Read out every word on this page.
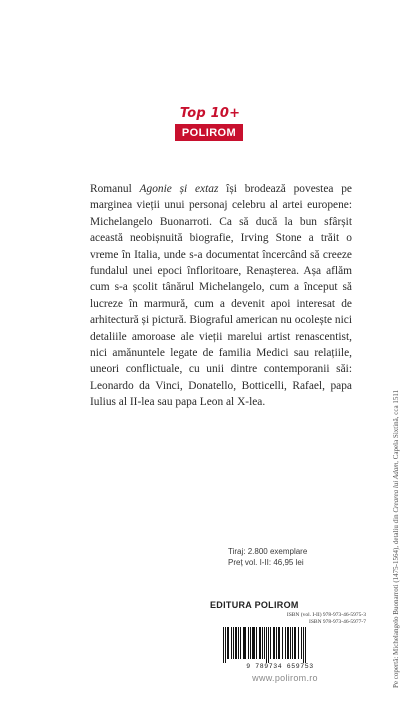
Top 10+
POLIROM

Romanul Agonie și extaz își brodează povestea pe marginea vieții unui personaj celebru al artei europene: Michelangelo Buonarroti. Ca să ducă la bun sfârșit această neobișnuită biografie, Irving Stone a trăit o vreme în Italia, unde s-a documentat încercând să creeze fundalul unei epoci înfloritoare, Renașterea. Așa aflăm cum s-a școlit tânărul Michelangelo, cum a început să lucreze în marmură, cum a devenit apoi interesat de arhitectură și pictură. Biograful american nu ocolește nici detaliile amoroase ale vieții marelui artist renascentist, nici amănuntele legate de familia Medici sau relațiile, uneori conflictuale, cu unii dintre contemporanii săi: Leonardo da Vinci, Donatello, Botticelli, Rafael, papa Iulius al II-lea sau papa Leon al X-lea.

Tiraj: 2.800 exemplare
Preț vol. I-II: 46,95 lei
EDITURA POLIROM
ISBN (vol. I-II) 978-973-46-5975-3
ISBN 978-973-46-5977-7
9 789734 659753
www.polirom.ro	Pe copertă: Michelangelo Buonarroti (1475-1564), detaliu din Crearea lui Adam, Capela Sixtină, cca 1511
